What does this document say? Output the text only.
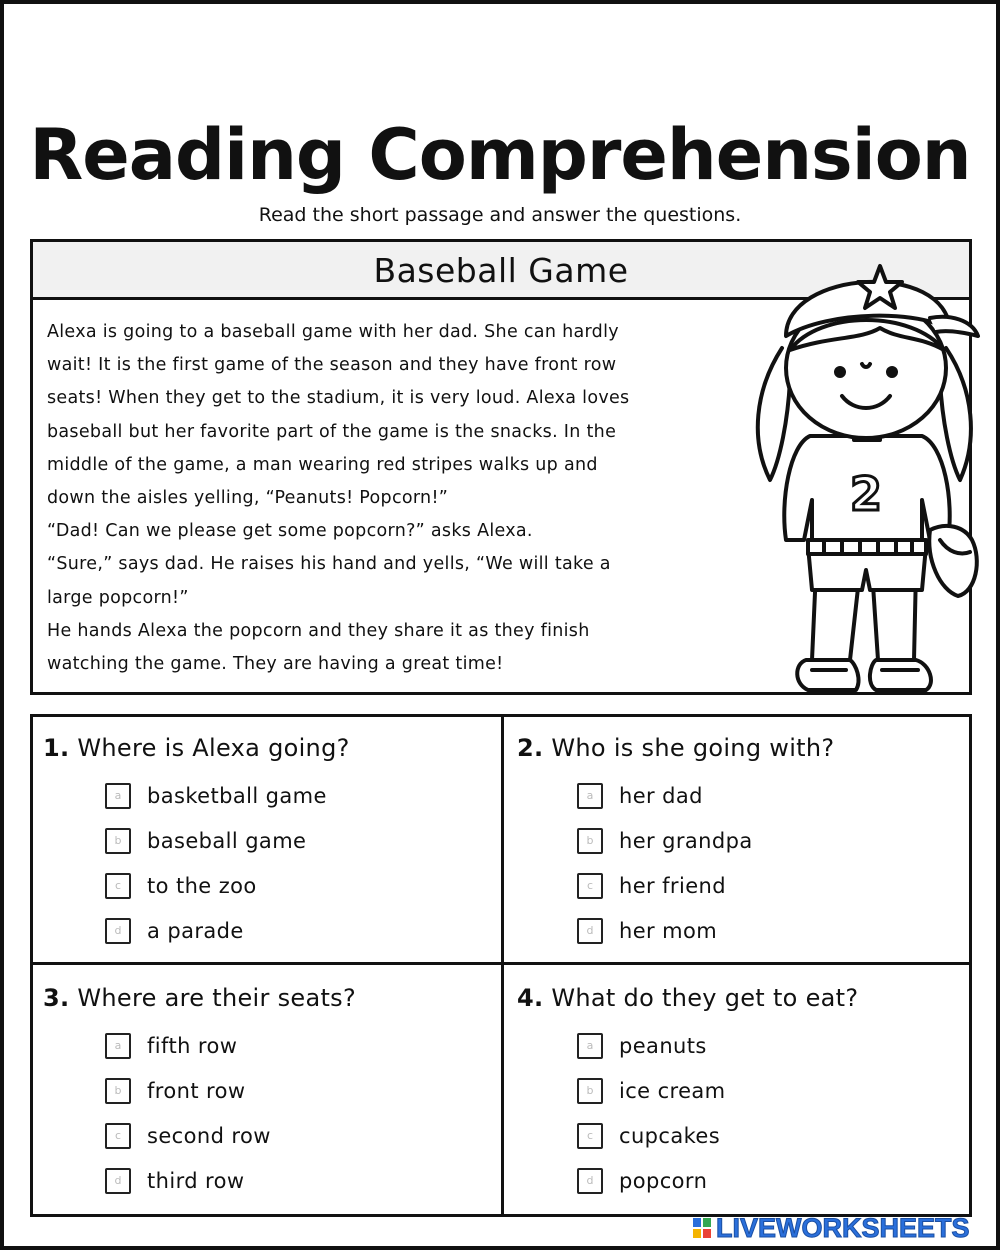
Reading Comprehension
Read the short passage and answer the questions.
Baseball Game

Alexa is going to a baseball game with her dad. She can hardly

wait! It is the first game of the season and they have front row

seats! When they get to the stadium, it is very loud. Alexa loves

baseball but her favorite part of the game is the snacks. In the

middle of the game, a man wearing red stripes walks up and

down the aisles yelling, “Peanuts! Popcorn!”

“Dad! Can we please get some popcorn?” asks Alexa.

“Sure,” says dad. He raises his hand and yells, “We will take a

large popcorn!”

He hands Alexa the popcorn and they share it as they finish

watching the game. They are having a great time!

2
1. Where is Alexa going?
a	basketball game
b	baseball game
c	to the zoo
d	a parade
2. Who is she going with?
a	her dad
b	her grandpa
c	her friend
d	her mom
3. Where are their seats?
a	fifth row
b	front row
c	second row
d	third row
4. What do they get to eat?
a	peanuts
b	ice cream
c	cupcakes
d	popcorn
LIVEWORKSHEETS
